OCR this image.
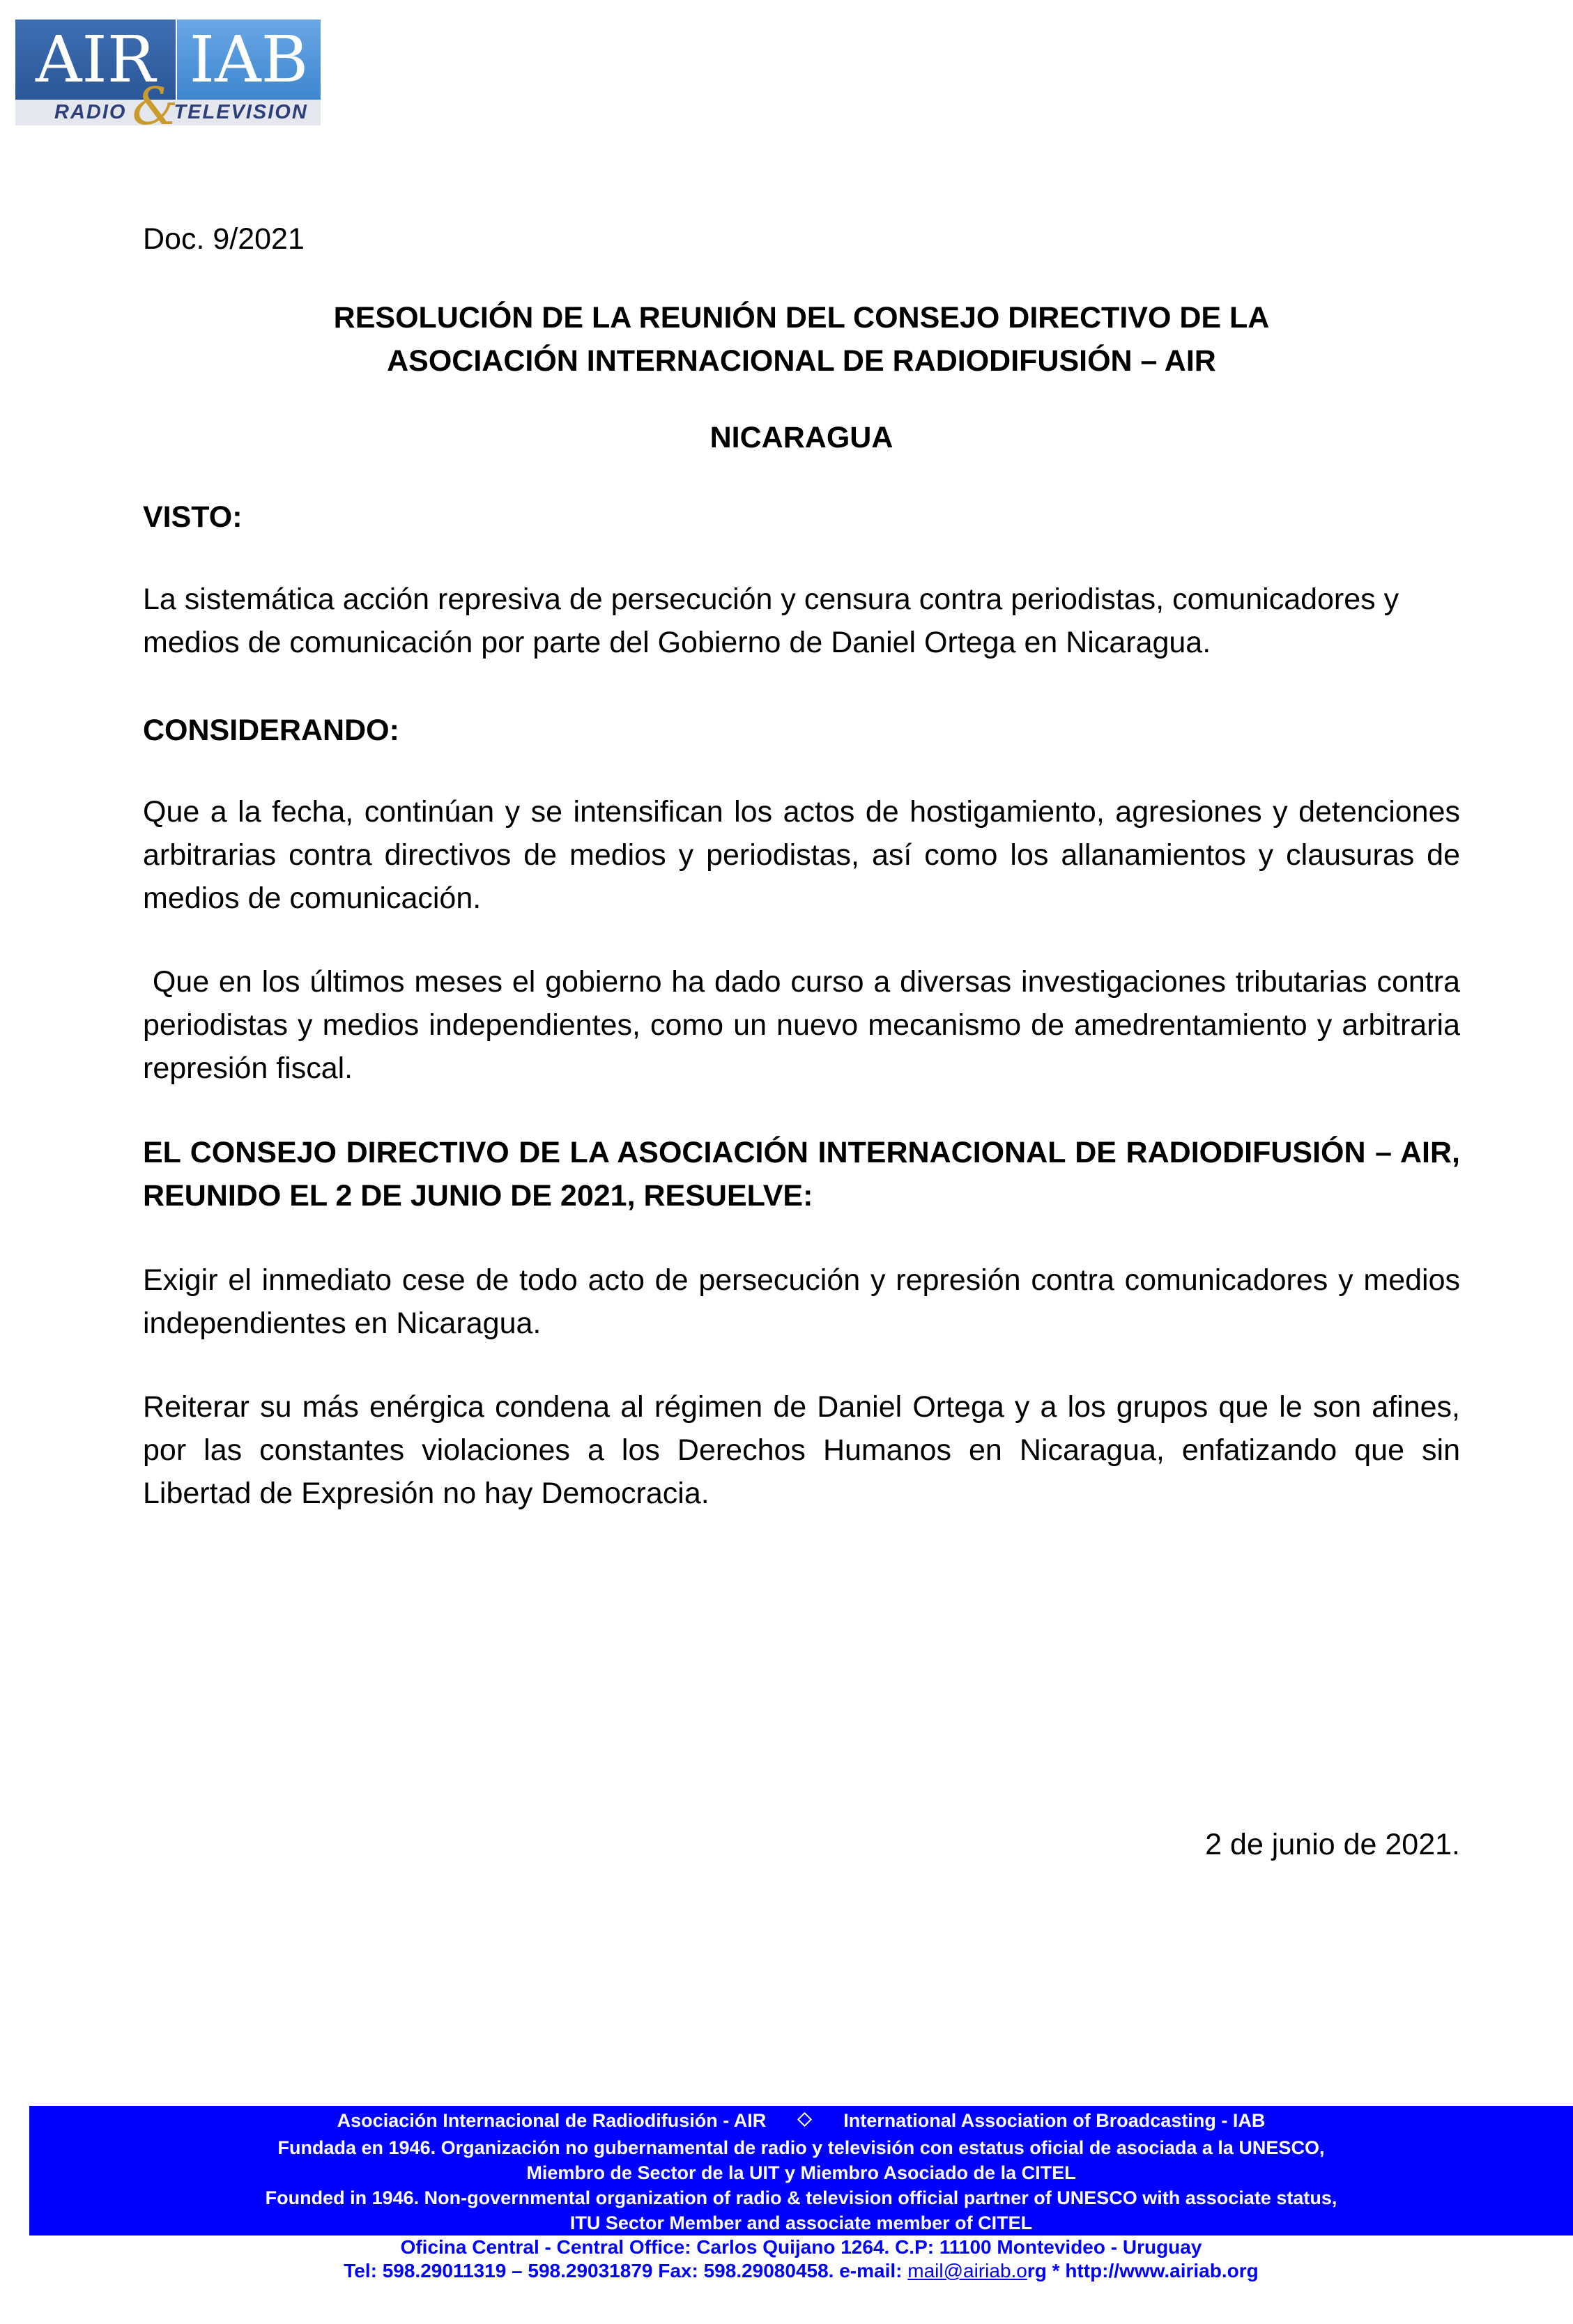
AIR IAB
RADIO &TELEVISION
Doc. 9/2021
RESOLUCIÓN DE LA REUNIÓN DEL CONSEJO DIRECTIVO DE LA
ASOCIACIÓN INTERNACIONAL DE RADIODIFUSIÓN – AIR
NICARAGUA
VISTO:
La sistemática acción represiva de persecución y censura contra periodistas, comunicadores y medios de comunicación por parte del Gobierno de Daniel Ortega en Nicaragua.
CONSIDERANDO:
Que a la fecha, continúan y se intensifican los actos de hostigamiento, agresiones y detenciones arbitrarias contra directivos de medios y periodistas, así como los allanamientos y clausuras de medios de comunicación.
Que en los últimos meses el gobierno ha dado curso a diversas investigaciones tributarias contra periodistas y medios independientes, como un nuevo mecanismo de amedrentamiento y arbitraria represión fiscal.
EL CONSEJO DIRECTIVO DE LA ASOCIACIÓN INTERNACIONAL DE RADIODIFUSIÓN – AIR, REUNIDO EL 2 DE JUNIO DE 2021, RESUELVE:
Exigir el inmediato cese de todo acto de persecución y represión contra comunicadores y medios independientes en Nicaragua.
Reiterar su más enérgica condena al régimen de Daniel Ortega y a los grupos que le son afines, por las constantes violaciones a los Derechos Humanos en Nicaragua, enfatizando que sin Libertad de Expresión no hay Democracia.
2 de junio de 2021.
Asociación Internacional de Radiodifusión - AIR	International Association of Broadcasting - IAB
Fundada en 1946. Organización no gubernamental de radio y televisión con estatus oficial de asociada a la UNESCO,
Miembro de Sector de la UIT y Miembro Asociado de la CITEL
Founded in 1946. Non-governmental organization of radio & television official partner of UNESCO with associate status,
ITU Sector Member and associate member of CITEL
Oficina Central - Central Office: Carlos Quijano 1264. C.P: 11100 Montevideo - Uruguay
Tel: 598.29011319 – 598.29031879 Fax: 598.29080458. e-mail: mail@airiab.org * http://www.airiab.org
